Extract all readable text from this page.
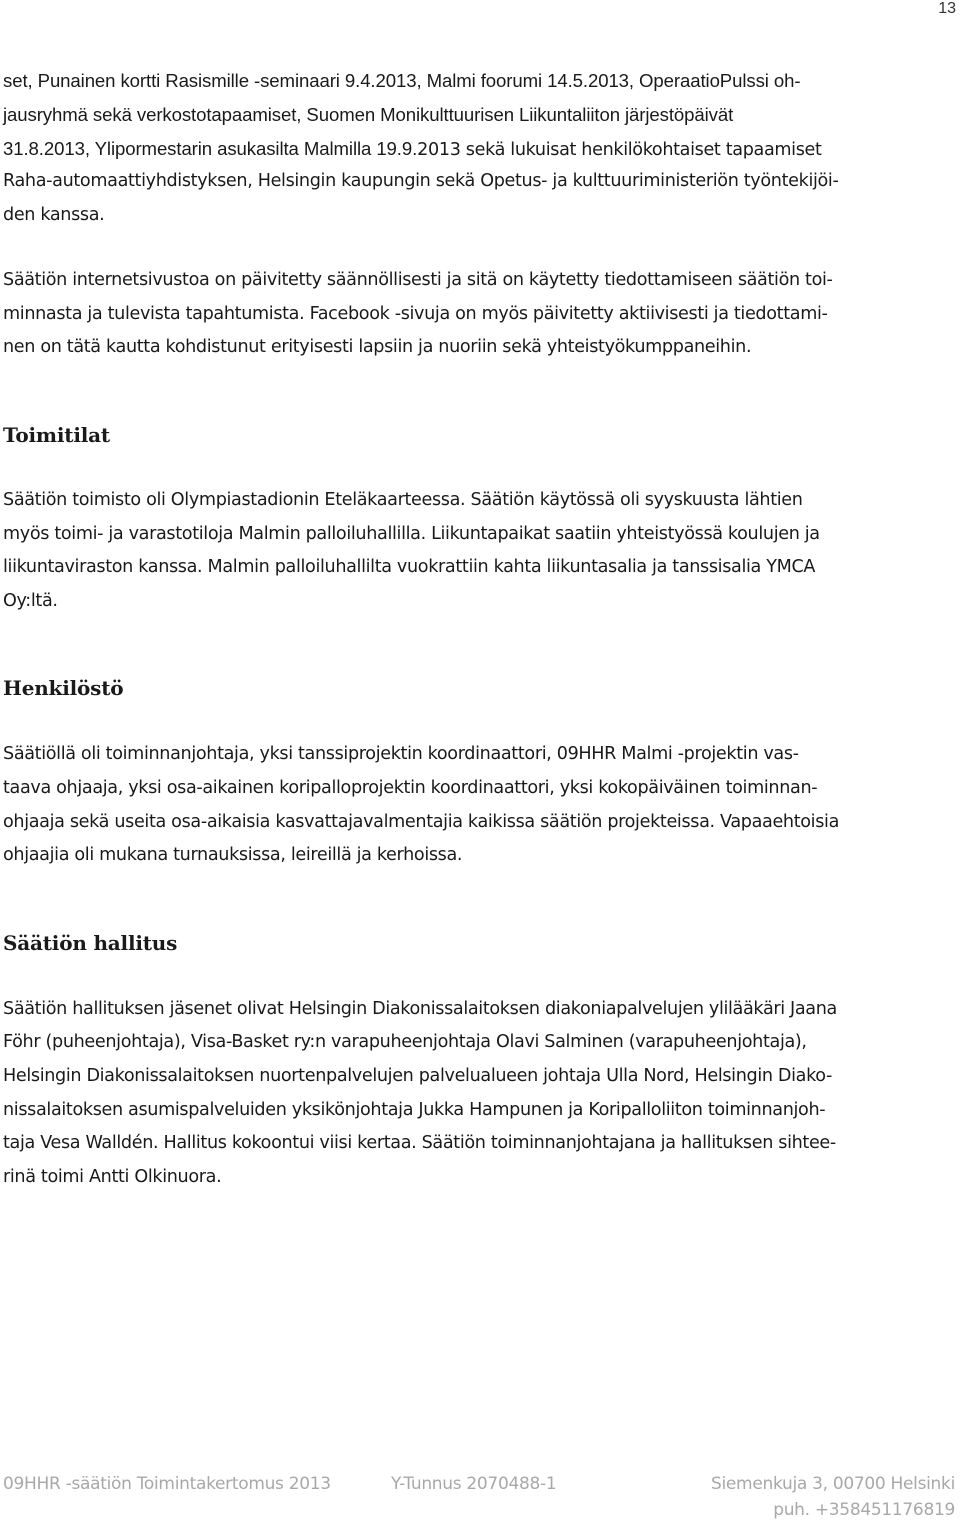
13
set, Punainen kortti Rasismille -seminaari 9.4.2013, Malmi foorumi 14.5.2013, OperaatioPulssi oh-
jausryhmä sekä verkostotapaamiset, Suomen Monikulttuurisen Liikuntaliiton järjestöpäivät
31.8.2013, Ylipormestarin asukasilta Malmilla 19.9.2013 sekä lukuisat henkilökohtaiset tapaamiset
Raha-automaattiyhdistyksen, Helsingin kaupungin sekä Opetus- ja kulttuuriministeriön työntekijöi-
den kanssa.
Säätiön internetsivustoa on päivitetty säännöllisesti ja sitä on käytetty tiedottamiseen säätiön toi-
minnasta ja tulevista tapahtumista. Facebook -sivuja on myös päivitetty aktiivisesti ja tiedottami-
nen on tätä kautta kohdistunut erityisesti lapsiin ja nuoriin sekä yhteistyökumppaneihin.
Toimitilat
Säätiön toimisto oli Olympiastadionin Eteläkaarteessa. Säätiön käytössä oli syyskuusta lähtien
myös toimi- ja varastotiloja Malmin palloiluhallilla. Liikuntapaikat saatiin yhteistyössä koulujen ja
liikuntaviraston kanssa. Malmin palloiluhallilta vuokrattiin kahta liikuntasalia ja tanssisalia YMCA
Oy:ltä.
Henkilöstö
Säätiöllä oli toiminnanjohtaja, yksi tanssiprojektin koordinaattori, 09HHR Malmi -projektin vas-
taava ohjaaja, yksi osa-aikainen koripalloprojektin koordinaattori, yksi kokopäiväinen toiminnan-
ohjaaja sekä useita osa-aikaisia kasvattajavalmentajia kaikissa säätiön projekteissa. Vapaaehtoisia
ohjaajia oli mukana turnauksissa, leireillä ja kerhoissa.
Säätiön hallitus
Säätiön hallituksen jäsenet olivat Helsingin Diakonissalaitoksen diakoniapalvelujen ylilääkäri Jaana
Föhr (puheenjohtaja), Visa-Basket ry:n varapuheenjohtaja Olavi Salminen (varapuheenjohtaja),
Helsingin Diakonissalaitoksen nuortenpalvelujen palvelualueen johtaja Ulla Nord, Helsingin Diako-
nissalaitoksen asumispalveluiden yksikönjohtaja Jukka Hampunen ja Koripalloliiton toiminnanjoh-
taja Vesa Walldén. Hallitus kokoontui viisi kertaa. Säätiön toiminnanjohtajana ja hallituksen sihtee-
rinä toimi Antti Olkinuora.
09HHR -säätiön Toimintakertomus 2013	Y-Tunnus 2070488-1	Siemenkuja 3, 00700 Helsinki
puh. +358451176819
